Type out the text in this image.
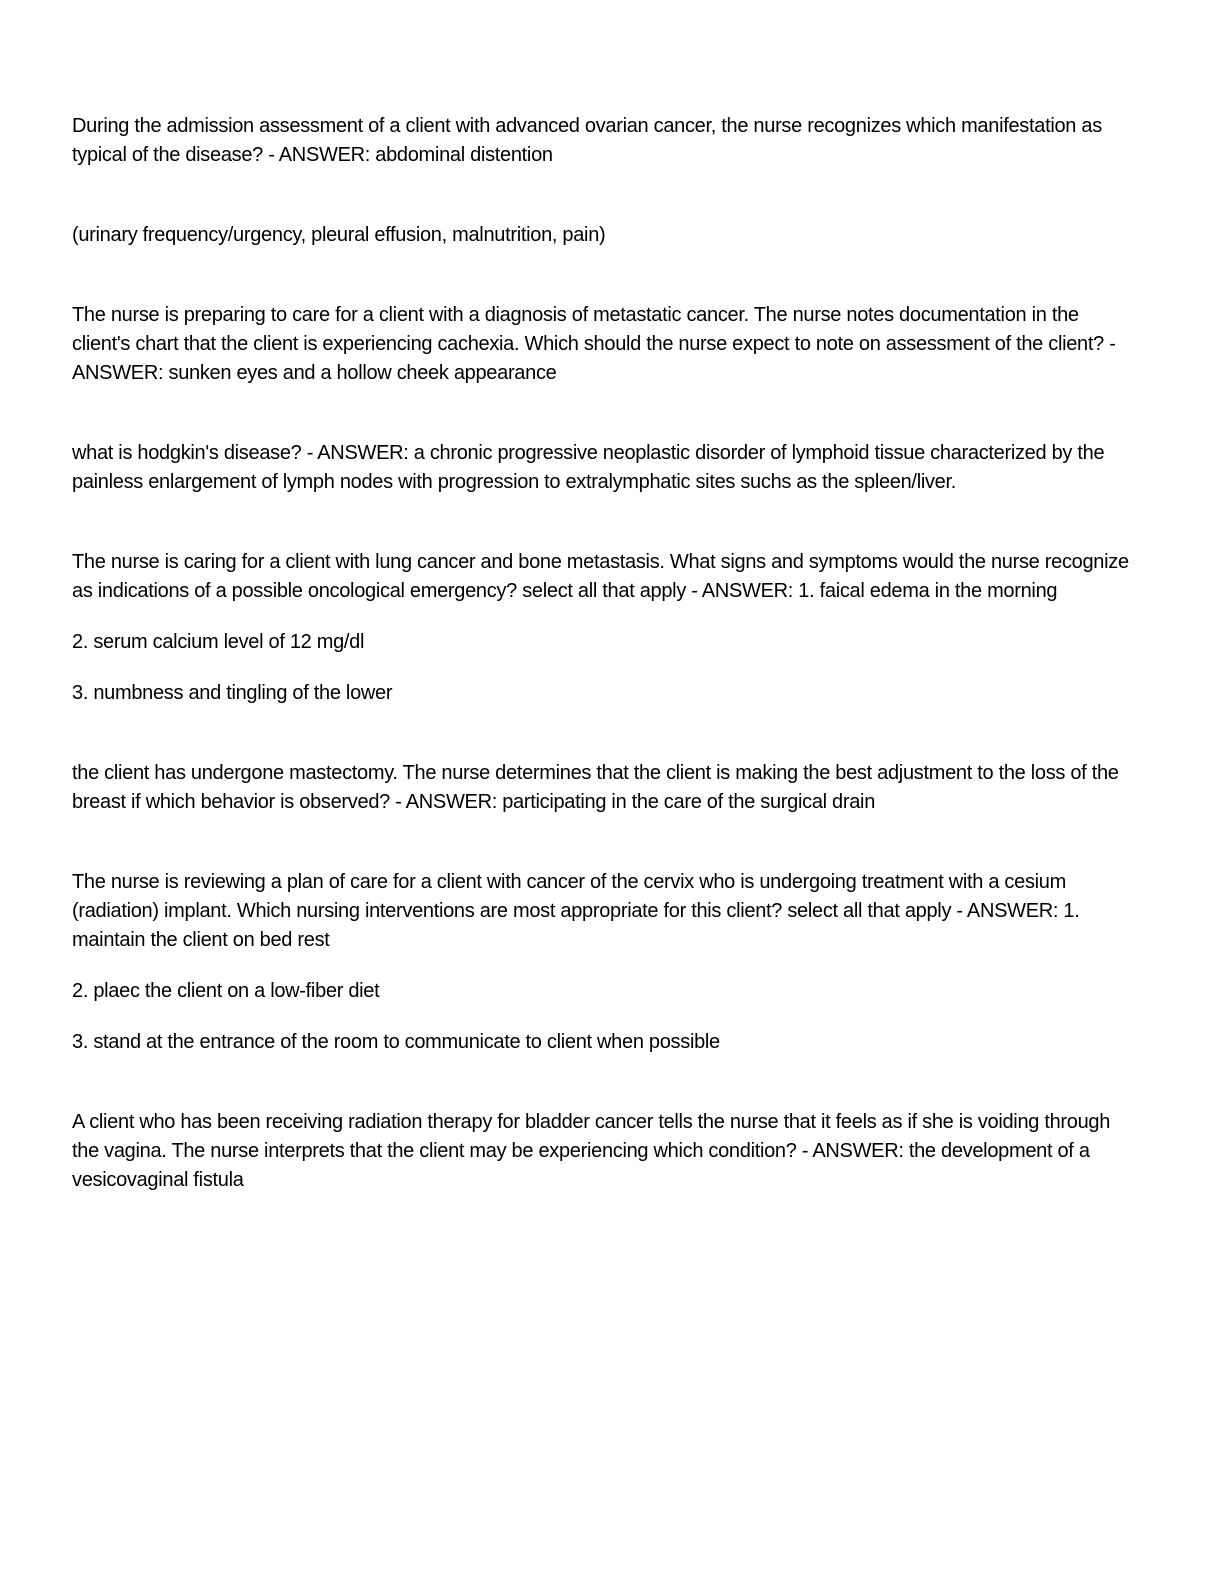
During the admission assessment of a client with advanced ovarian cancer, the nurse recognizes which manifestation as typical of the disease? - ANSWER: abdominal distention

(urinary frequency/urgency, pleural effusion, malnutrition, pain)

The nurse is preparing to care for a client with a diagnosis of metastatic cancer. The nurse notes documentation in the client's chart that the client is experiencing cachexia. Which should the nurse expect to note on assessment of the client? - ANSWER: sunken eyes and a hollow cheek appearance

what is hodgkin's disease? - ANSWER: a chronic progressive neoplastic disorder of lymphoid tissue characterized by the painless enlargement of lymph nodes with progression to extralymphatic sites suchs as the spleen/liver.

The nurse is caring for a client with lung cancer and bone metastasis. What signs and symptoms would the nurse recognize as indications of a possible oncological emergency? select all that apply - ANSWER: 1. faical edema in the morning

2. serum calcium level of 12 mg/dl

3. numbness and tingling of the lower

the client has undergone mastectomy. The nurse determines that the client is making the best adjustment to the loss of the breast if which behavior is observed? - ANSWER: participating in the care of the surgical drain

The nurse is reviewing a plan of care for a client with cancer of the cervix who is undergoing treatment with a cesium (radiation) implant. Which nursing interventions are most appropriate for this client? select all that apply - ANSWER: 1. maintain the client on bed rest

2. plaec the client on a low-fiber diet

3. stand at the entrance of the room to communicate to client when possible

A client who has been receiving radiation therapy for bladder cancer tells the nurse that it feels as if she is voiding through the vagina. The nurse interprets that the client may be experiencing which condition? - ANSWER: the development of a vesicovaginal fistula
